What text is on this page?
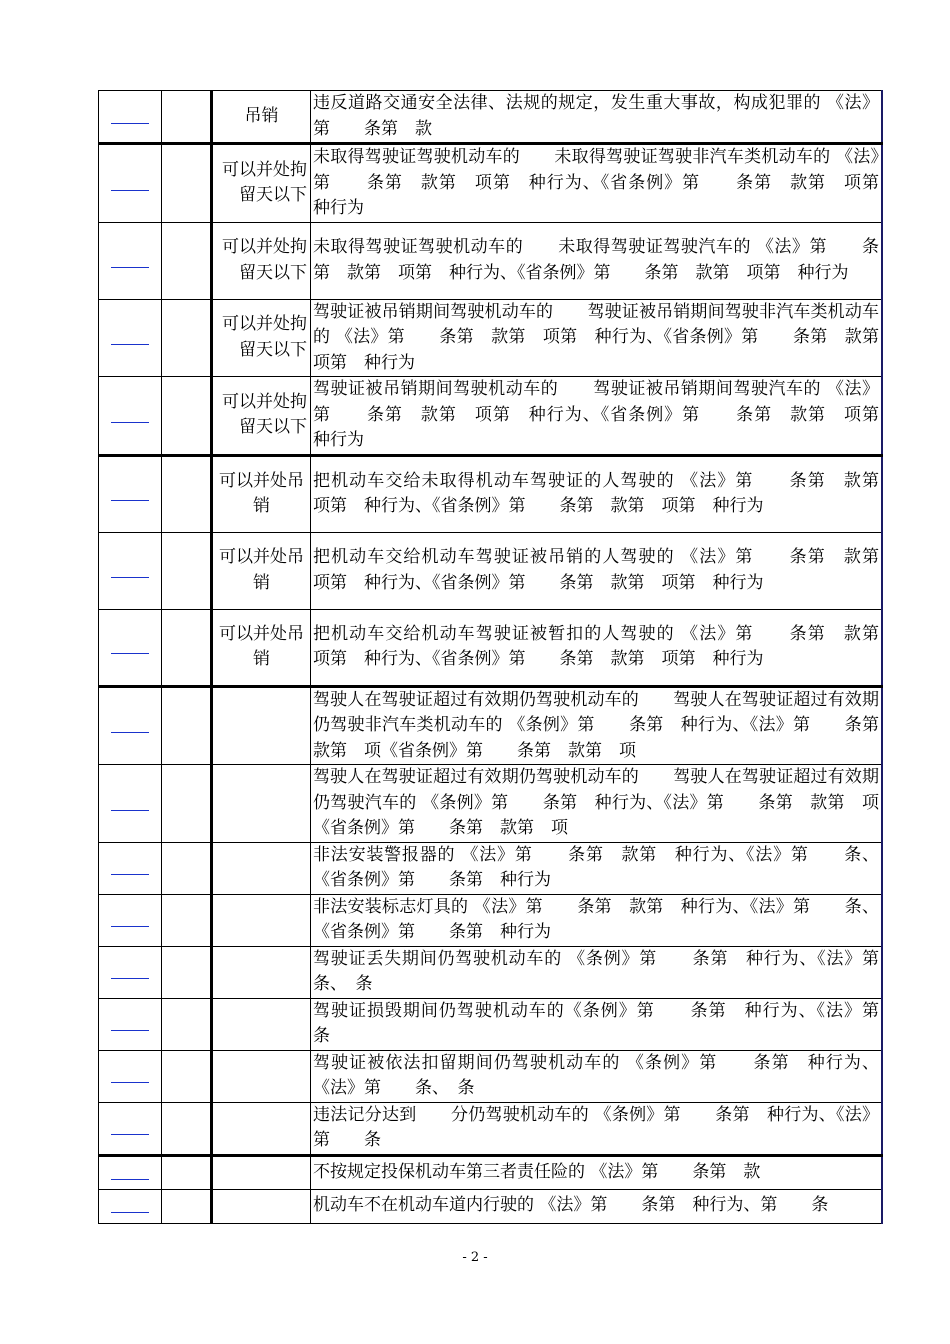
		吊销	违反道路交通安全法律、法规的规定，发生重大事故，构成犯罪的 《法》第　　条第　款
		可以并处拘留天以下	未取得驾驶证驾驶机动车的　　未取得驾驶证驾驶非汽车类机动车的 《法》第　　条第　款第　项第　种行为、《省条例》第　　条第　款第　项第　种行为
		可以并处拘留天以下	未取得驾驶证驾驶机动车的　　未取得驾驶证驾驶汽车的 《法》第　　条第　款第　项第　种行为、《省条例》第　　条第　款第　项第　种行为
		可以并处拘留天以下	驾驶证被吊销期间驾驶机动车的　　驾驶证被吊销期间驾驶非汽车类机动车的 《法》第　　条第　款第　项第　种行为、《省条例》第　　条第　款第　项第　种行为
		可以并处拘留天以下	驾驶证被吊销期间驾驶机动车的　　驾驶证被吊销期间驾驶汽车的 《法》第　　条第　款第　项第　种行为、《省条例》第　　条第　款第　项第　种行为
		可以并处吊销	把机动车交给未取得机动车驾驶证的人驾驶的 《法》第　　条第　款第　项第　种行为、《省条例》第　　条第　款第　项第　种行为
		可以并处吊销	把机动车交给机动车驾驶证被吊销的人驾驶的 《法》第　　条第　款第　项第　种行为、《省条例》第　　条第　款第　项第　种行为
		可以并处吊销	把机动车交给机动车驾驶证被暂扣的人驾驶的 《法》第　　条第　款第　项第　种行为、《省条例》第　　条第　款第　项第　种行为
			驾驶人在驾驶证超过有效期仍驾驶机动车的　　驾驶人在驾驶证超过有效期仍驾驶非汽车类机动车的 《条例》第　　条第　种行为、《法》第　　条第　款第　项《省条例》第　　条第　款第　项
			驾驶人在驾驶证超过有效期仍驾驶机动车的　　驾驶人在驾驶证超过有效期仍驾驶汽车的 《条例》第　　条第　种行为、《法》第　　条第　款第　项《省条例》第　　条第　款第　项
			非法安装警报器的 《法》第　　条第　款第　种行为、《法》第　　条、《省条例》第　　条第　种行为
			非法安装标志灯具的 《法》第　　条第　款第　种行为、《法》第　　条、《省条例》第　　条第　种行为
			驾驶证丢失期间仍驾驶机动车的 《条例》第　　条第　种行为、《法》第　　条、　条
			驾驶证损毁期间仍驾驶机动车的《条例》第　　条第　种行为、《法》第　　条
			驾驶证被依法扣留期间仍驾驶机动车的 《条例》第　　条第　种行为、《法》第　　条、　条
			违法记分达到　　分仍驾驶机动车的 《条例》第　　条第　种行为、《法》第　　条
			不按规定投保机动车第三者责任险的 《法》第　　条第　款
			机动车不在机动车道内行驶的 《法》第　　条第　种行为、第　　条
- 2 -
